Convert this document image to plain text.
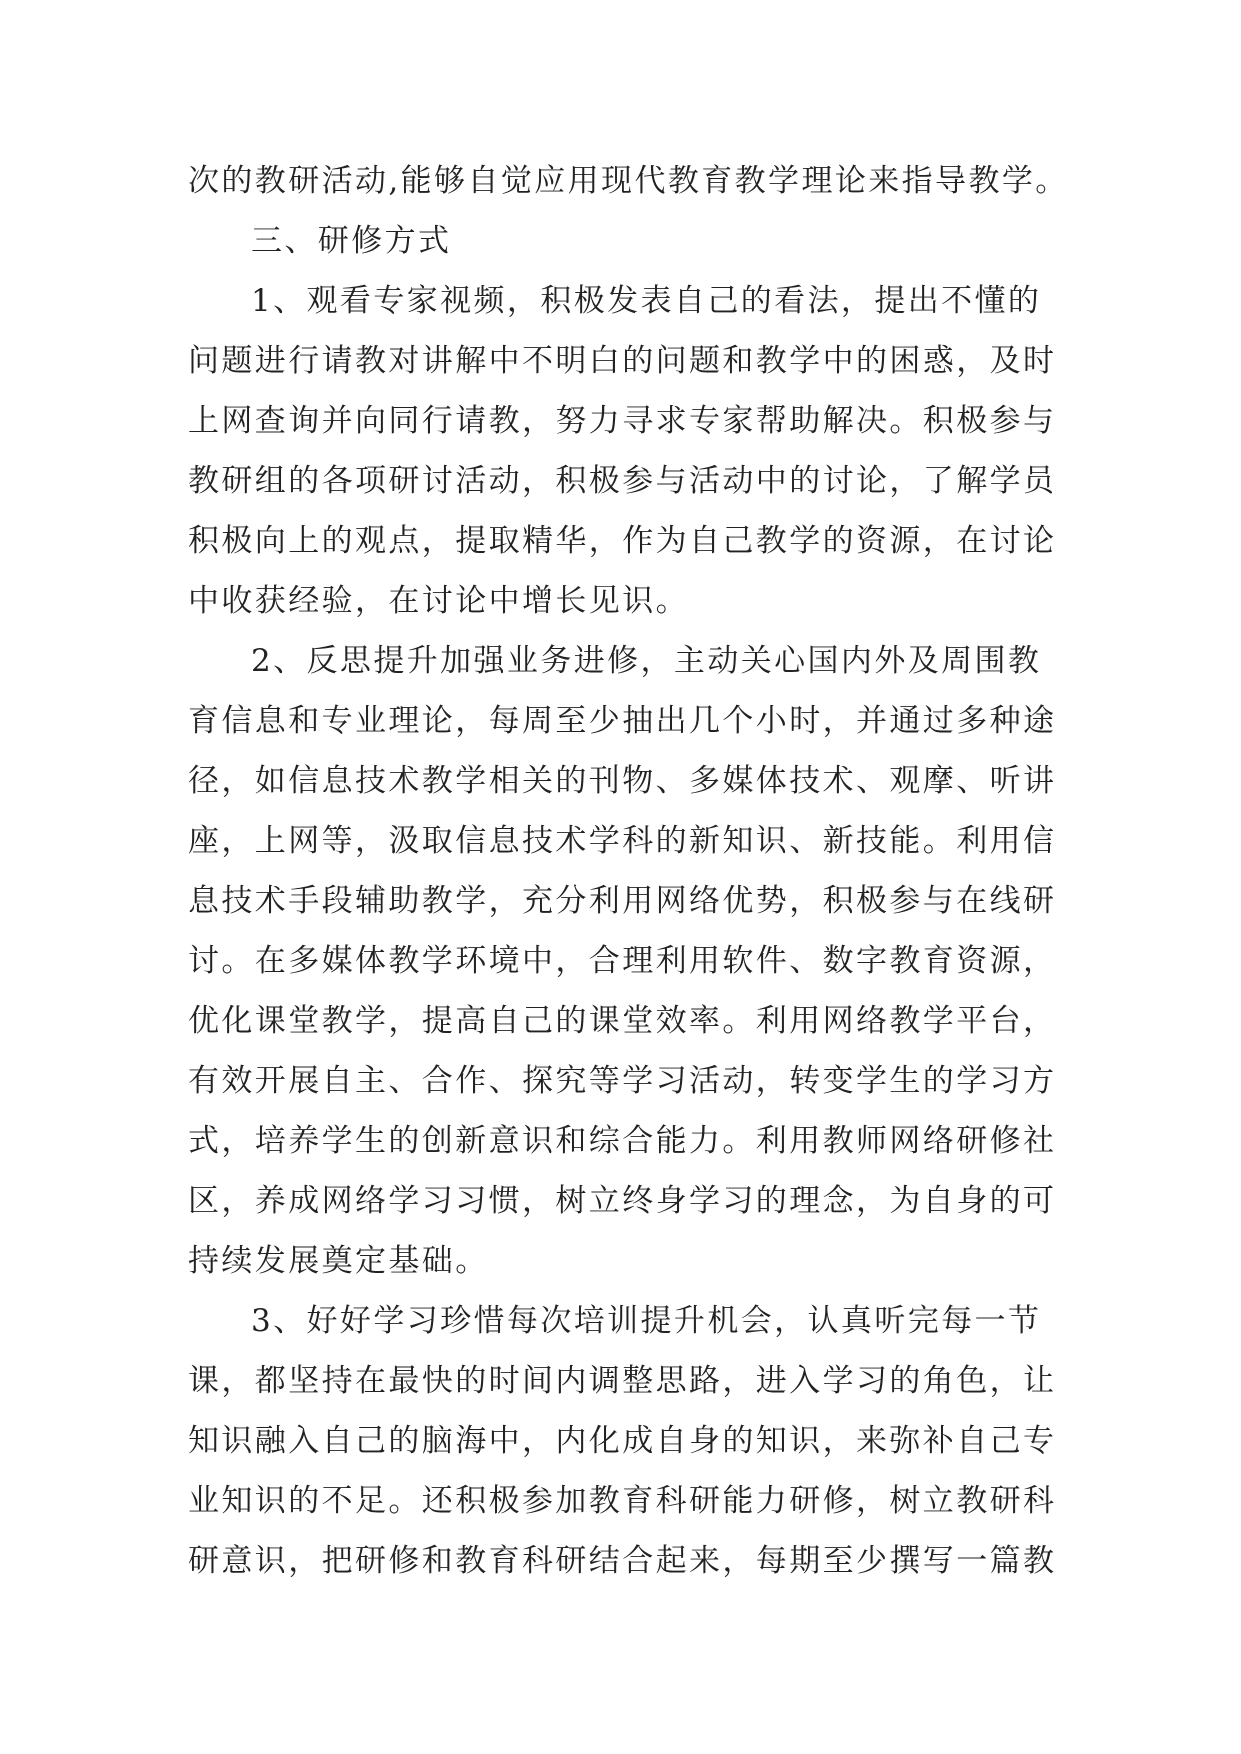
次的教研活动,能够自觉应用现代教育教学理论来指导教学。
三、研修方式
1、观看专家视频，积极发表自己的看法，提出不懂的
问题进行请教对讲解中不明白的问题和教学中的困惑，及时
上网查询并向同行请教，努力寻求专家帮助解决。积极参与
教研组的各项研讨活动，积极参与活动中的讨论，了解学员
积极向上的观点，提取精华，作为自己教学的资源，在讨论
中收获经验，在讨论中增长见识。
2、反思提升加强业务进修，主动关心国内外及周围教
育信息和专业理论，每周至少抽出几个小时，并通过多种途
径，如信息技术教学相关的刊物、多媒体技术、观摩、听讲
座，上网等，汲取信息技术学科的新知识、新技能。利用信
息技术手段辅助教学，充分利用网络优势，积极参与在线研
讨。在多媒体教学环境中，合理利用软件、数字教育资源，
优化课堂教学，提高自己的课堂效率。利用网络教学平台，
有效开展自主、合作、探究等学习活动，转变学生的学习方
式，培养学生的创新意识和综合能力。利用教师网络研修社
区，养成网络学习习惯，树立终身学习的理念，为自身的可
持续发展奠定基础。
3、好好学习珍惜每次培训提升机会，认真听完每一节
课，都坚持在最快的时间内调整思路，进入学习的角色，让
知识融入自己的脑海中，内化成自身的知识，来弥补自己专
业知识的不足。还积极参加教育科研能力研修，树立教研科
研意识，把研修和教育科研结合起来，每期至少撰写一篇教
